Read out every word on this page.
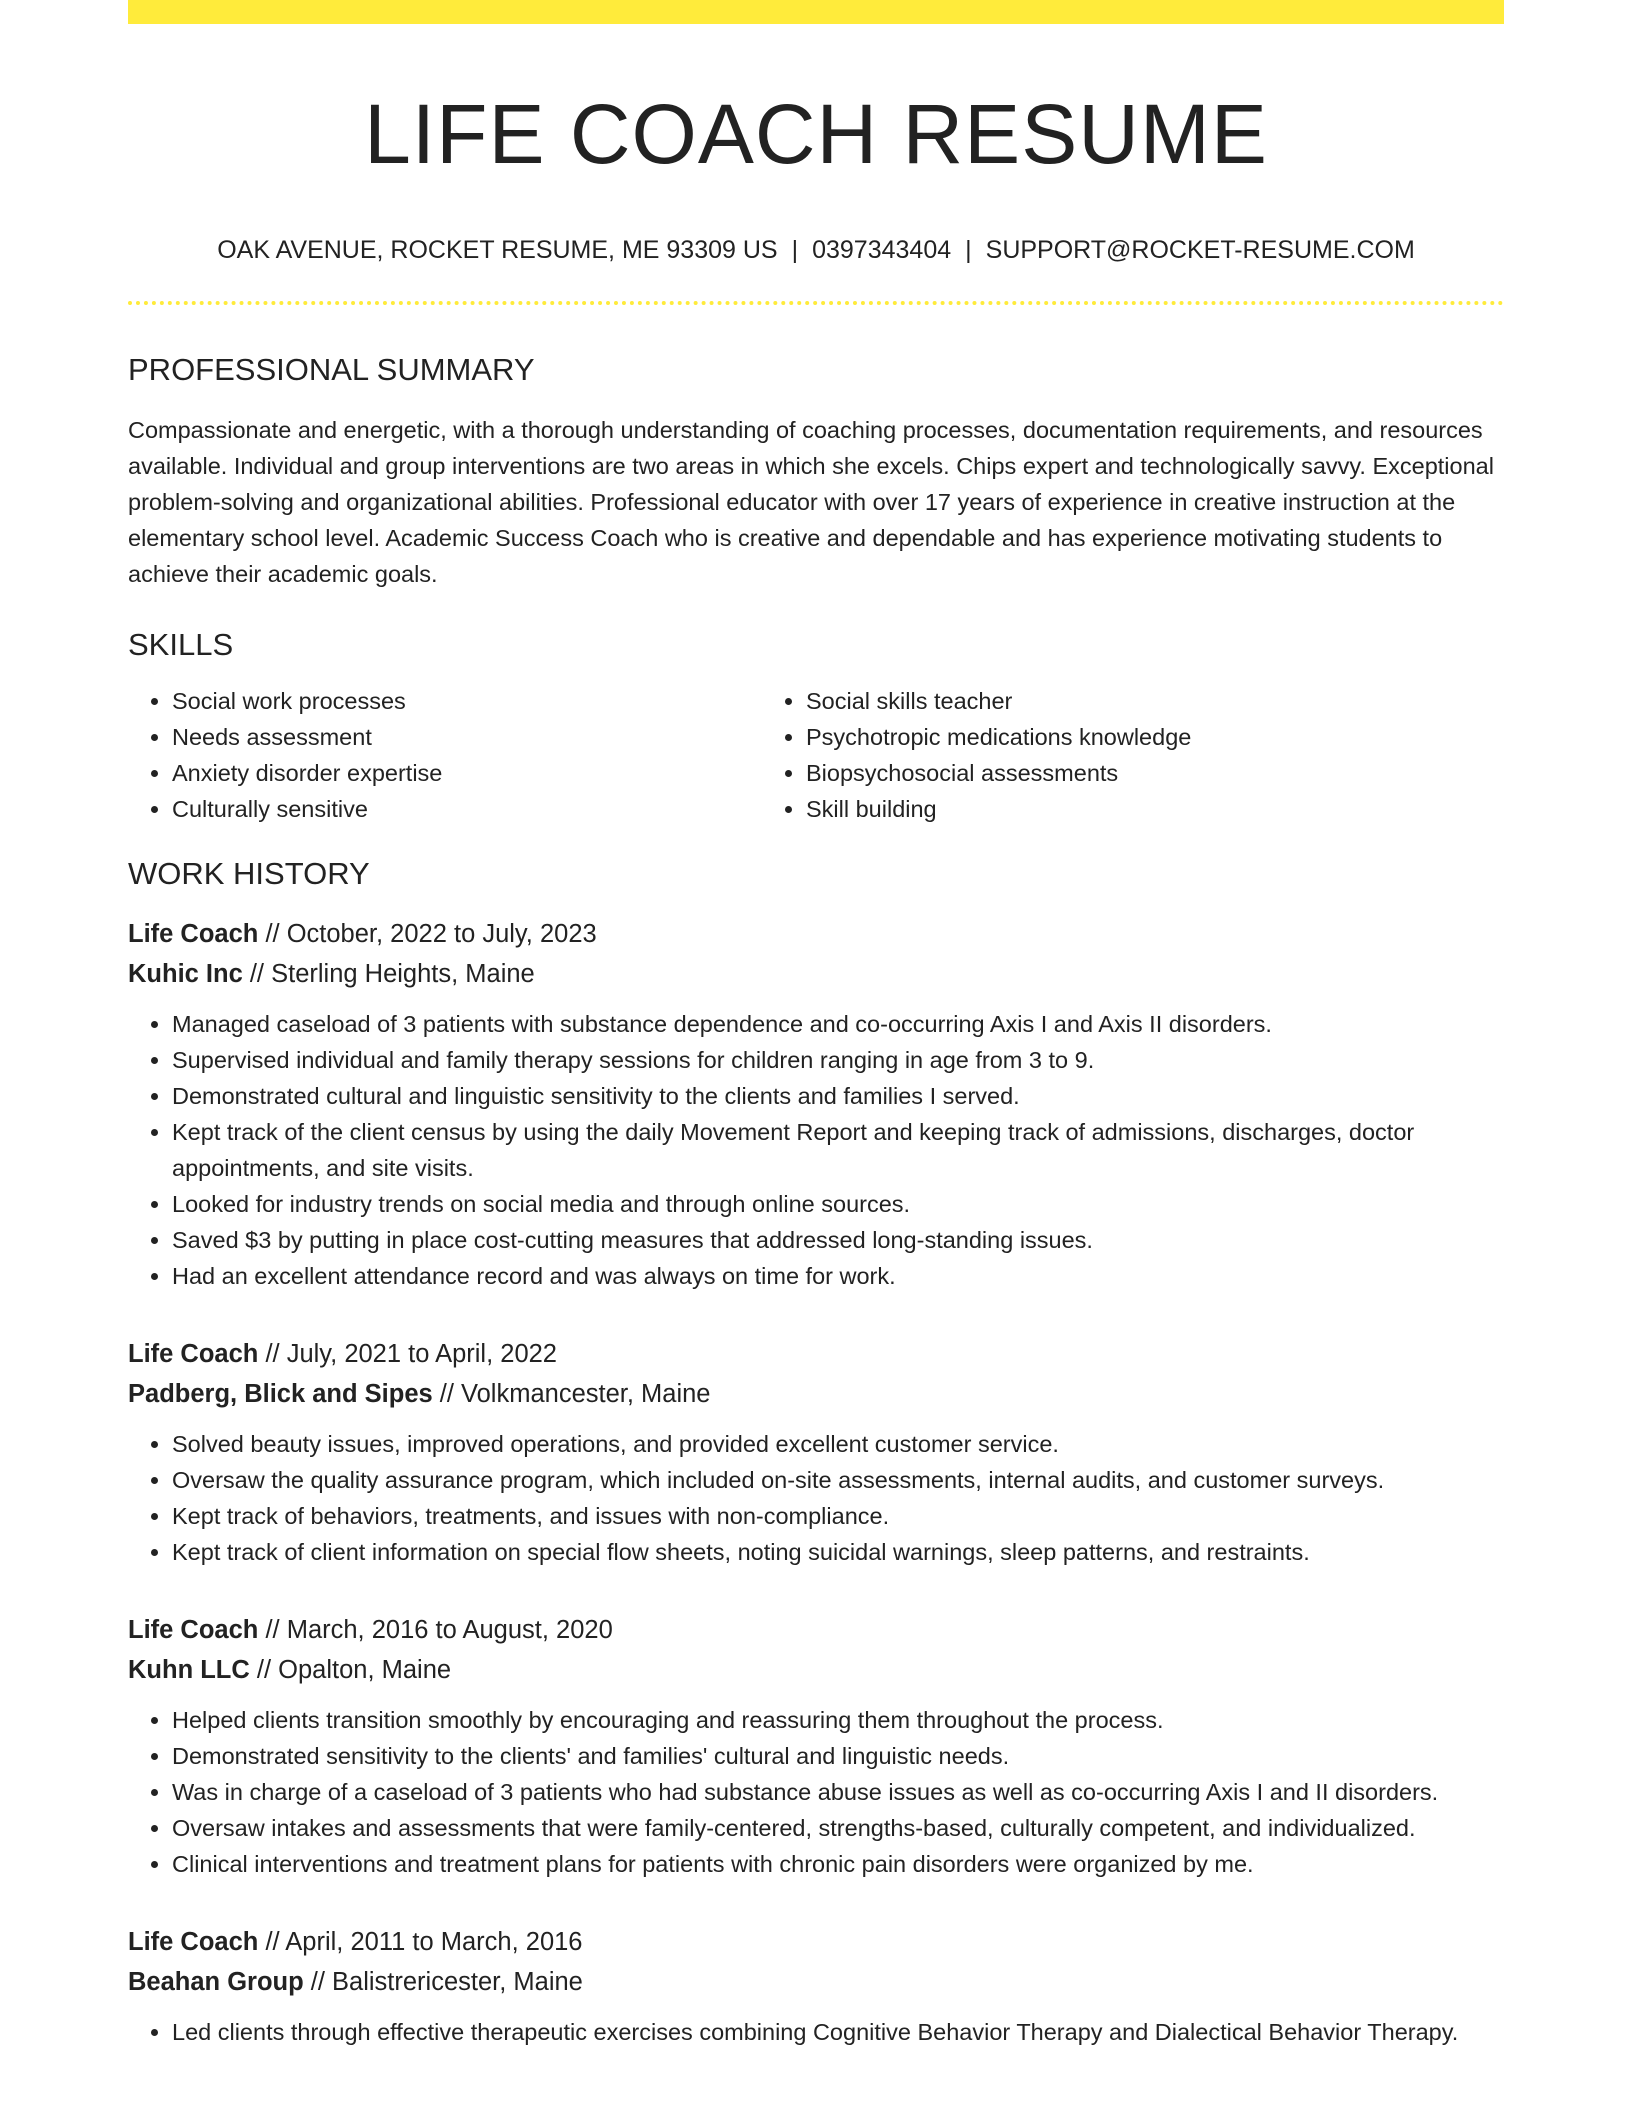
LIFE COACH RESUME
OAK AVENUE, ROCKET RESUME, ME 93309 US | 0397343404 | SUPPORT@ROCKET-RESUME.COM
PROFESSIONAL SUMMARY

Compassionate and energetic, with a thorough understanding of coaching processes, documentation requirements, and resources available. Individual and group interventions are two areas in which she excels. Chips expert and technologically savvy. Exceptional problem-solving and organizational abilities. Professional educator with over 17 years of experience in creative instruction at the elementary school level. Academic Success Coach who is creative and dependable and has experience motivating students to achieve their academic goals.

SKILLS
• Social work processes
• Needs assessment
• Anxiety disorder expertise
• Culturally sensitive
• Social skills teacher
• Psychotropic medications knowledge
• Biopsychosocial assessments
• Skill building
WORK HISTORY
Life Coach // October, 2022 to July, 2023
Kuhic Inc // Sterling Heights, Maine
• Managed caseload of 3 patients with substance dependence and co-occurring Axis I and Axis II disorders.
• Supervised individual and family therapy sessions for children ranging in age from 3 to 9.
• Demonstrated cultural and linguistic sensitivity to the clients and families I served.
• Kept track of the client census by using the daily Movement Report and keeping track of admissions, discharges, doctor appointments, and site visits.
• Looked for industry trends on social media and through online sources.
• Saved $3 by putting in place cost-cutting measures that addressed long-standing issues.
• Had an excellent attendance record and was always on time for work.
Life Coach // July, 2021 to April, 2022
Padberg, Blick and Sipes // Volkmancester, Maine
• Solved beauty issues, improved operations, and provided excellent customer service.
• Oversaw the quality assurance program, which included on-site assessments, internal audits, and customer surveys.
• Kept track of behaviors, treatments, and issues with non-compliance.
• Kept track of client information on special flow sheets, noting suicidal warnings, sleep patterns, and restraints.
Life Coach // March, 2016 to August, 2020
Kuhn LLC // Opalton, Maine
• Helped clients transition smoothly by encouraging and reassuring them throughout the process.
• Demonstrated sensitivity to the clients' and families' cultural and linguistic needs.
• Was in charge of a caseload of 3 patients who had substance abuse issues as well as co-occurring Axis I and II disorders.
• Oversaw intakes and assessments that were family-centered, strengths-based, culturally competent, and individualized.
• Clinical interventions and treatment plans for patients with chronic pain disorders were organized by me.
Life Coach // April, 2011 to March, 2016
Beahan Group // Balistrericester, Maine
• Led clients through effective therapeutic exercises combining Cognitive Behavior Therapy and Dialectical Behavior Therapy.
